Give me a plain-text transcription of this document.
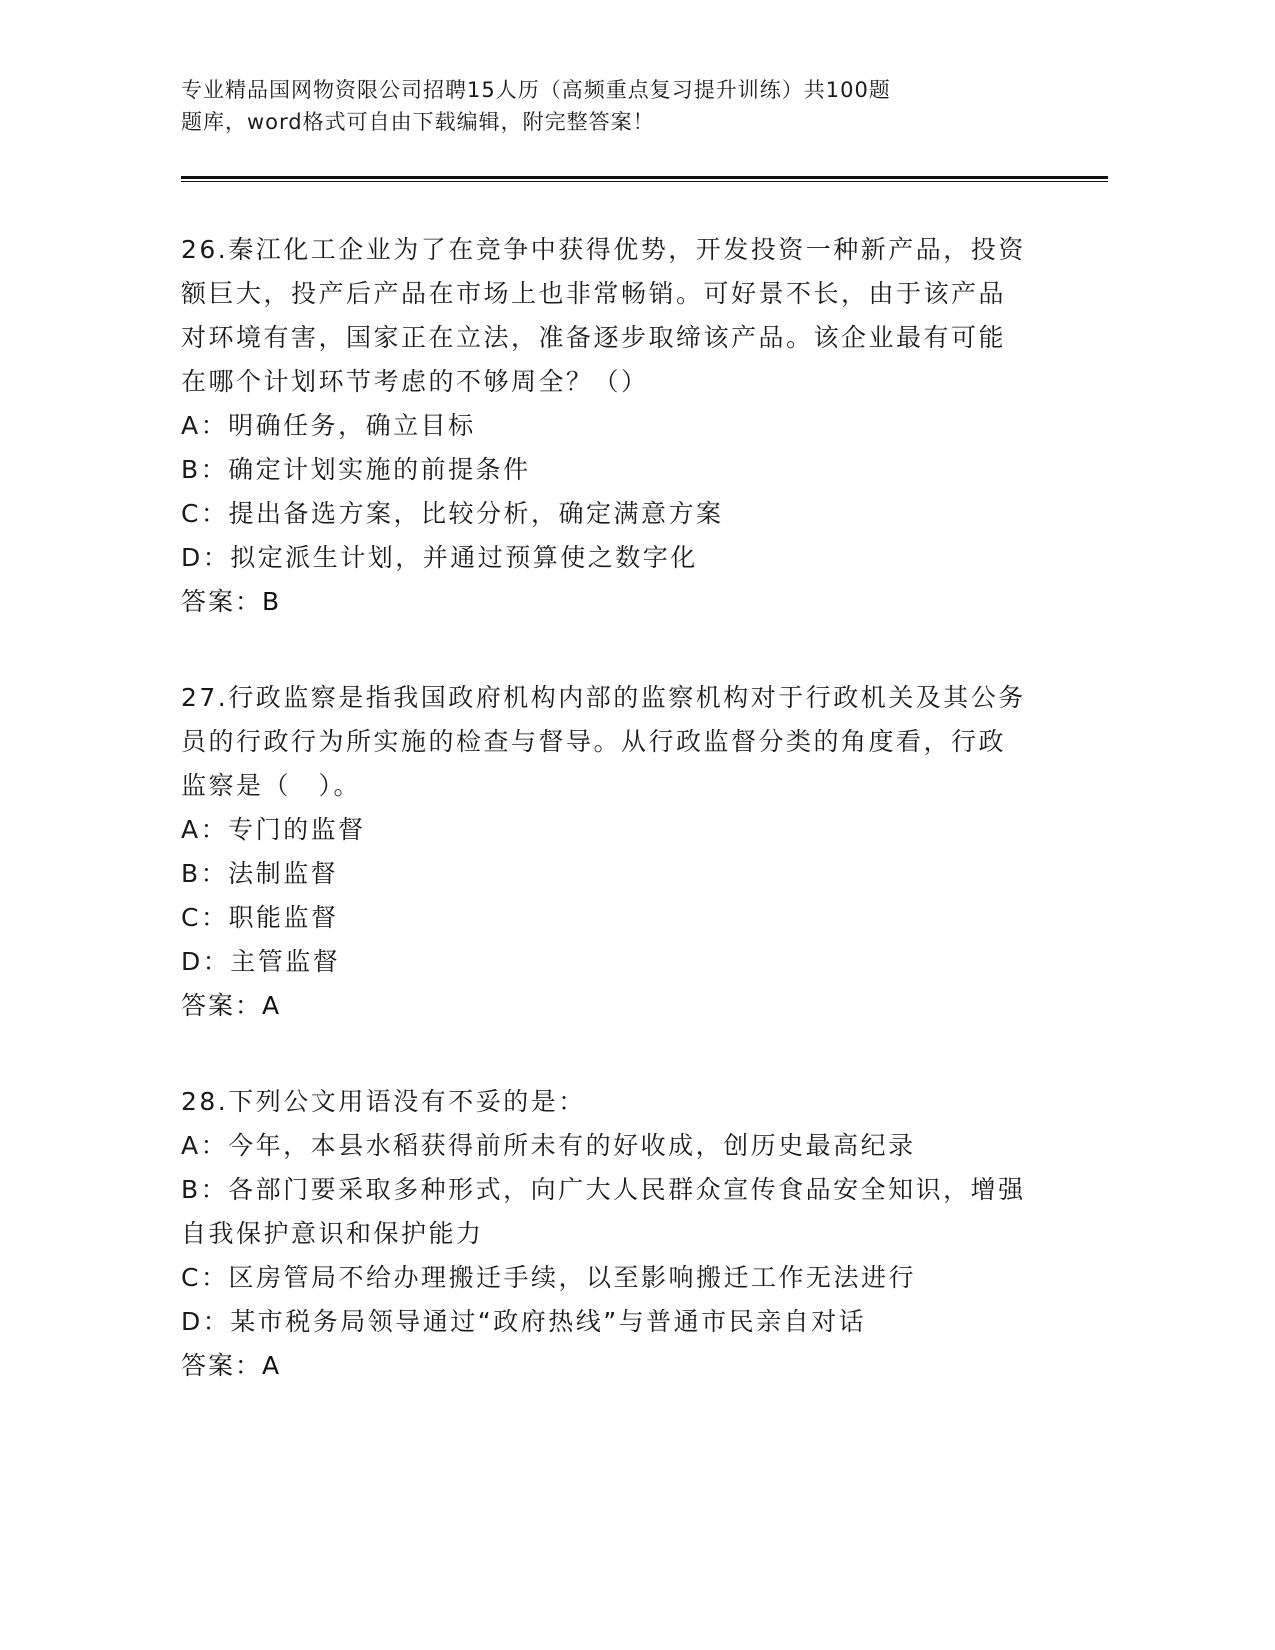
专业精品国网物资限公司招聘15人历（高频重点复习提升训练）共100题
题库，word格式可自由下载编辑，附完整答案！
26.秦江化工企业为了在竞争中获得优势，开发投资一种新产品，投资
额巨大，投产后产品在市场上也非常畅销。可好景不长，由于该产品
对环境有害，国家正在立法，准备逐步取缔该产品。该企业最有可能
在哪个计划环节考虑的不够周全？（）
A：明确任务，确立目标
B：确定计划实施的前提条件
C：提出备选方案，比较分析，确定满意方案
D：拟定派生计划，并通过预算使之数字化
答案：B
27.行政监察是指我国政府机构内部的监察机构对于行政机关及其公务
员的行政行为所实施的检查与督导。从行政监督分类的角度看，行政
监察是（　）。
A：专门的监督
B：法制监督
C：职能监督
D：主管监督
答案：A
28.下列公文用语没有不妥的是：
A：今年，本县水稻获得前所未有的好收成，创历史最高纪录
B：各部门要采取多种形式，向广大人民群众宣传食品安全知识，增强
自我保护意识和保护能力
C：区房管局不给办理搬迁手续，以至影响搬迁工作无法进行
D：某市税务局领导通过“政府热线”与普通市民亲自对话
答案：A
